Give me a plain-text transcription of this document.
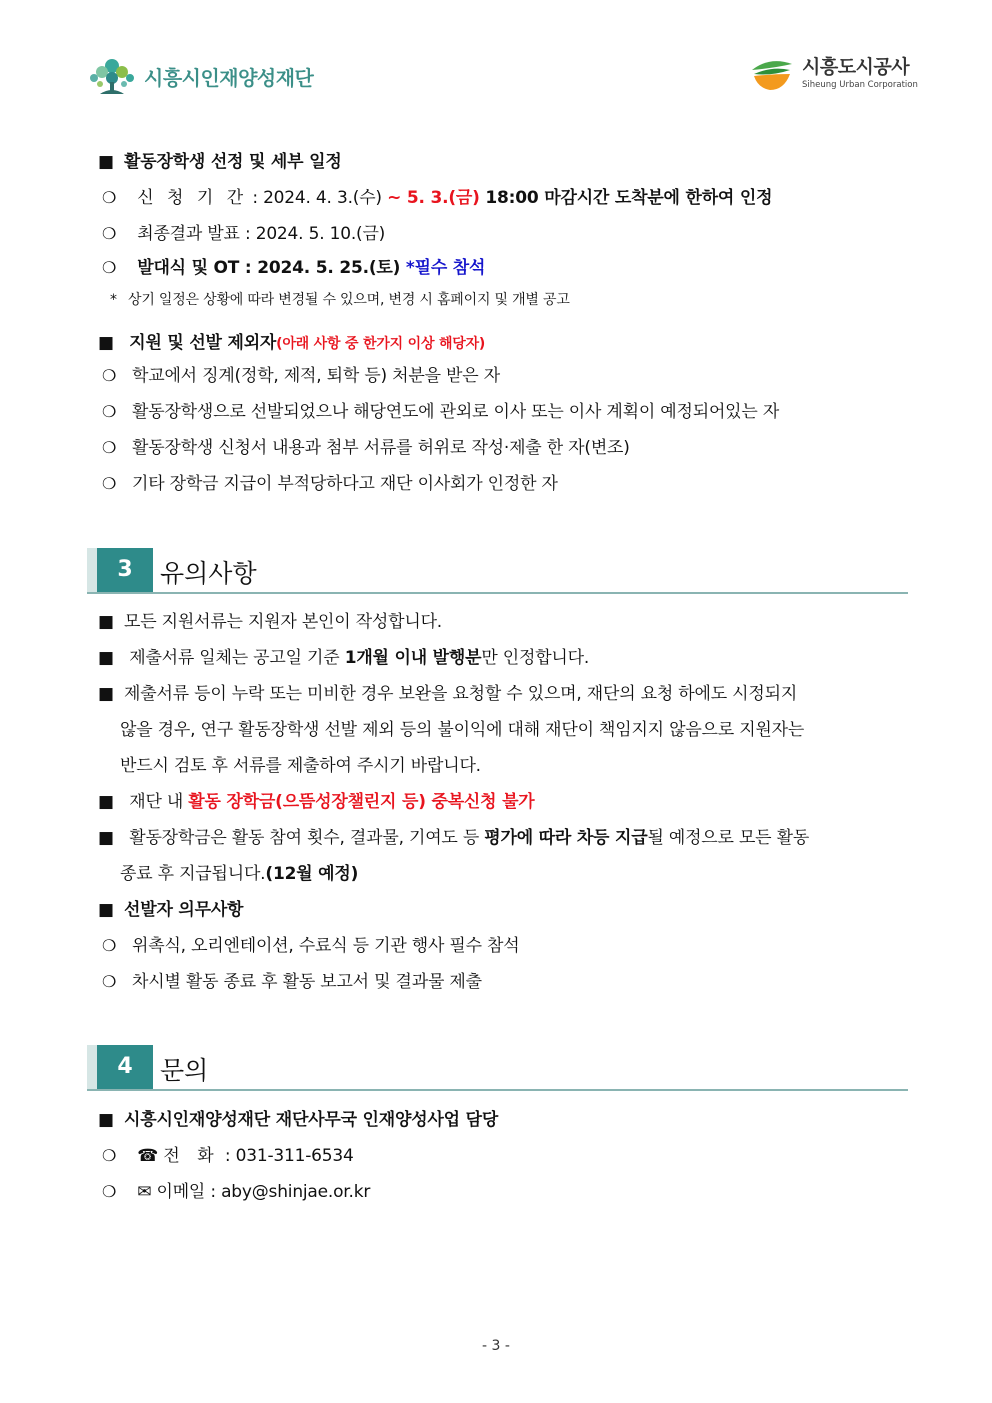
시흥시인재양성재단	시흥도시공사
Siheung Urban Corporation
■ 활동장학생 선정 및 세부 일정
❍ 신 청 기 간 : 2024. 4. 3.(수) ~ 5. 3.(금) 18:00 마감시간 도착분에 한하여 인정
❍ 최종결과 발표 : 2024. 5. 10.(금)
❍ 발대식 및 OT : 2024. 5. 25.(토) *필수 참석
* 상기 일정은 상황에 따라 변경될 수 있으며, 변경 시 홈페이지 및 개별 공고
■ 지원 및 선발 제외자(아래 사항 중 한가지 이상 해당자)
❍ 학교에서 징계(정학, 제적, 퇴학 등) 처분을 받은 자
❍ 활동장학생으로 선발되었으나 해당연도에 관외로 이사 또는 이사 계획이 예정되어있는 자
❍ 활동장학생 신청서 내용과 첨부 서류를 허위로 작성·제출 한 자(변조)
❍ 기타 장학금 지급이 부적당하다고 재단 이사회가 인정한 자
3	유의사항
■ 모든 지원서류는 지원자 본인이 작성합니다.
■ 제출서류 일체는 공고일 기준 1개월 이내 발행분만 인정합니다.
■ 제출서류 등이 누락 또는 미비한 경우 보완을 요청할 수 있으며, 재단의 요청 하에도 시정되지
않을 경우, 연구 활동장학생 선발 제외 등의 불이익에 대해 재단이 책임지지 않음으로 지원자는
반드시 검토 후 서류를 제출하여 주시기 바랍니다.
■ 재단 내 활동 장학금(으뜸성장챌린지 등) 중복신청 불가
■ 활동장학금은 활동 참여 횟수, 결과물, 기여도 등 평가에 따라 차등 지급될 예정으로 모든 활동
종료 후 지급됩니다.(12월 예정)
■ 선발자 의무사항
❍ 위촉식, 오리엔테이션, 수료식 등 기관 행사 필수 참석
❍ 차시별 활동 종료 후 활동 보고서 및 결과물 제출
4	문의
■ 시흥시인재양성재단 재단사무국 인재양성사업 담당
❍ ☎ 전 화 : 031-311-6534
❍ ✉ 이메일 : aby@shinjae.or.kr
- 3 -
